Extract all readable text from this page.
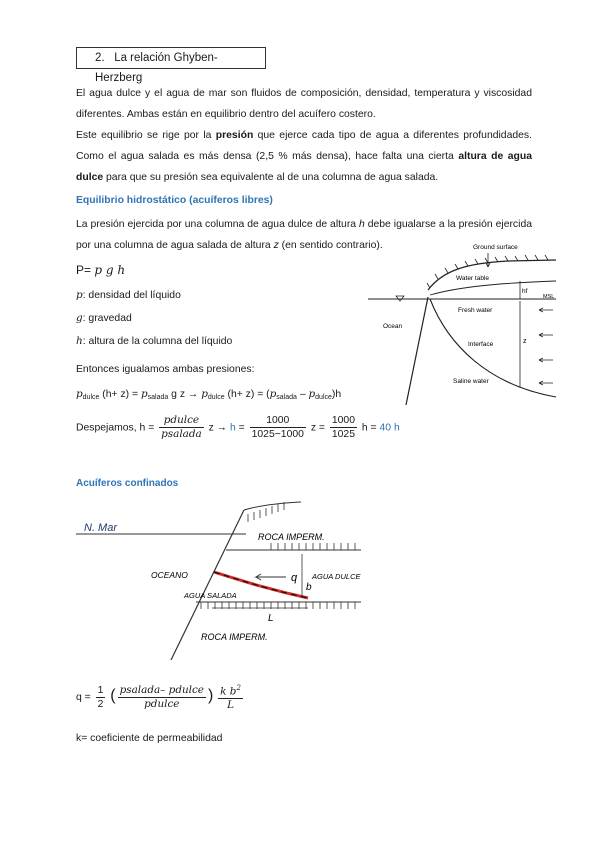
2. La relación Ghyben-Herzberg
El agua dulce y el agua de mar son fluidos de composición, densidad, temperatura y viscosidad diferentes. Ambas están en equilibrio dentro del acuífero costero.
Este equilibrio se rige por la presión que ejerce cada tipo de agua a diferentes profundidades. Como el agua salada es más densa (2,5 % más densa), hace falta una cierta altura de agua dulce para que su presión sea equivalente al de una columna de agua salada.
Equilibrio hidrostático (acuíferos libres)
La presión ejercida por una columna de agua dulce de altura h debe igualarse a la presión ejercida por una columna de agua salada de altura z (en sentido contrario).
P= p g h
p: densidad del líquido
g: gravedad
h: altura de la columna del líquido
Entonces igualamos ambas presiones:
$p_{dulce}$ $(h+ z) = p_{salada}$ g $z \to p_{dulce}$ $(h+ z) = (p_{salada} - p_{dulce})h$
Despejamos, $h = \frac{\text{pdulce}}{\text{psalada}}$ $z \to h = \frac{1000}{1025-1000}$ $z = \frac{1000}{1025}$ h = 40 h
Ground surface
Water table
hf
MSL
Fresh water
Ocean
Interface	z
Saline water
Acuíferos confinados
N. Mar
ROCA IMPERM.
q
b
L
OCEANO	AGUA DULCE
AGUA SALADA
ROCA IMPERM.
$q = \frac{1}{2}$ ( $\frac{\text{psalada– pdulce}}{\text{pdulce}}$ ) $\frac{k b^2}{L}$
k= coeficiente de permeabilidad
